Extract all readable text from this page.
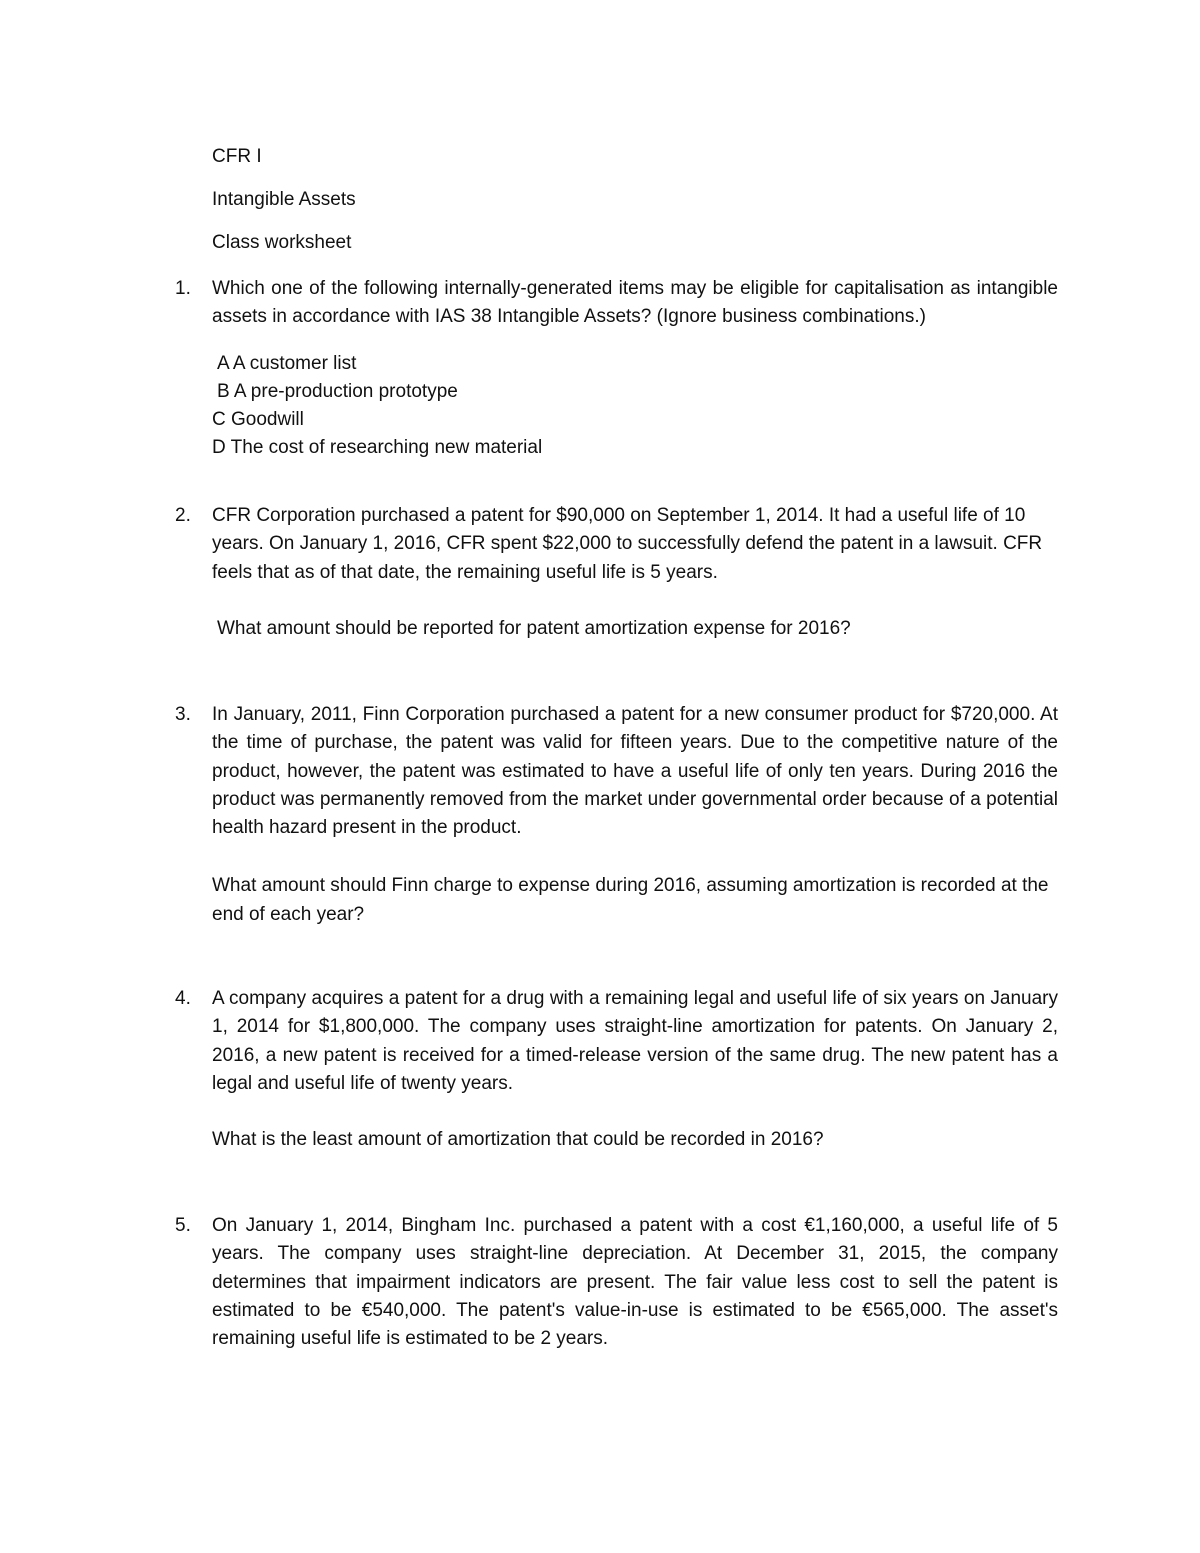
CFR I
Intangible Assets
Class worksheet
1. Which one of the following internally-generated items may be eligible for capitalisation as intangible assets in accordance with IAS 38 Intangible Assets? (Ignore business combinations.)

A A customer list
B A pre-production prototype
C Goodwill
D The cost of researching new material
2. CFR Corporation purchased a patent for $90,000 on September 1, 2014. It had a useful life of 10 years. On January 1, 2016, CFR spent $22,000 to successfully defend the patent in a lawsuit. CFR feels that as of that date, the remaining useful life is 5 years.

What amount should be reported for patent amortization expense for 2016?

3. In January, 2011, Finn Corporation purchased a patent for a new consumer product for $720,000. At the time of purchase, the patent was valid for fifteen years. Due to the competitive nature of the product, however, the patent was estimated to have a useful life of only ten years. During 2016 the product was permanently removed from the market under governmental order because of a potential health hazard present in the product.

What amount should Finn charge to expense during 2016, assuming amortization is recorded at the end of each year?

4. A company acquires a patent for a drug with a remaining legal and useful life of six years on January 1, 2014 for $1,800,000. The company uses straight-line amortization for patents. On January 2, 2016, a new patent is received for a timed-release version of the same drug. The new patent has a legal and useful life of twenty years.

What is the least amount of amortization that could be recorded in 2016?

5. On January 1, 2014, Bingham Inc. purchased a patent with a cost €1,160,000, a useful life of 5 years. The company uses straight-line depreciation. At December 31, 2015, the company determines that impairment indicators are present. The fair value less cost to sell the patent is estimated to be €540,000. The patent's value-in-use is estimated to be €565,000. The asset's remaining useful life is estimated to be 2 years.
